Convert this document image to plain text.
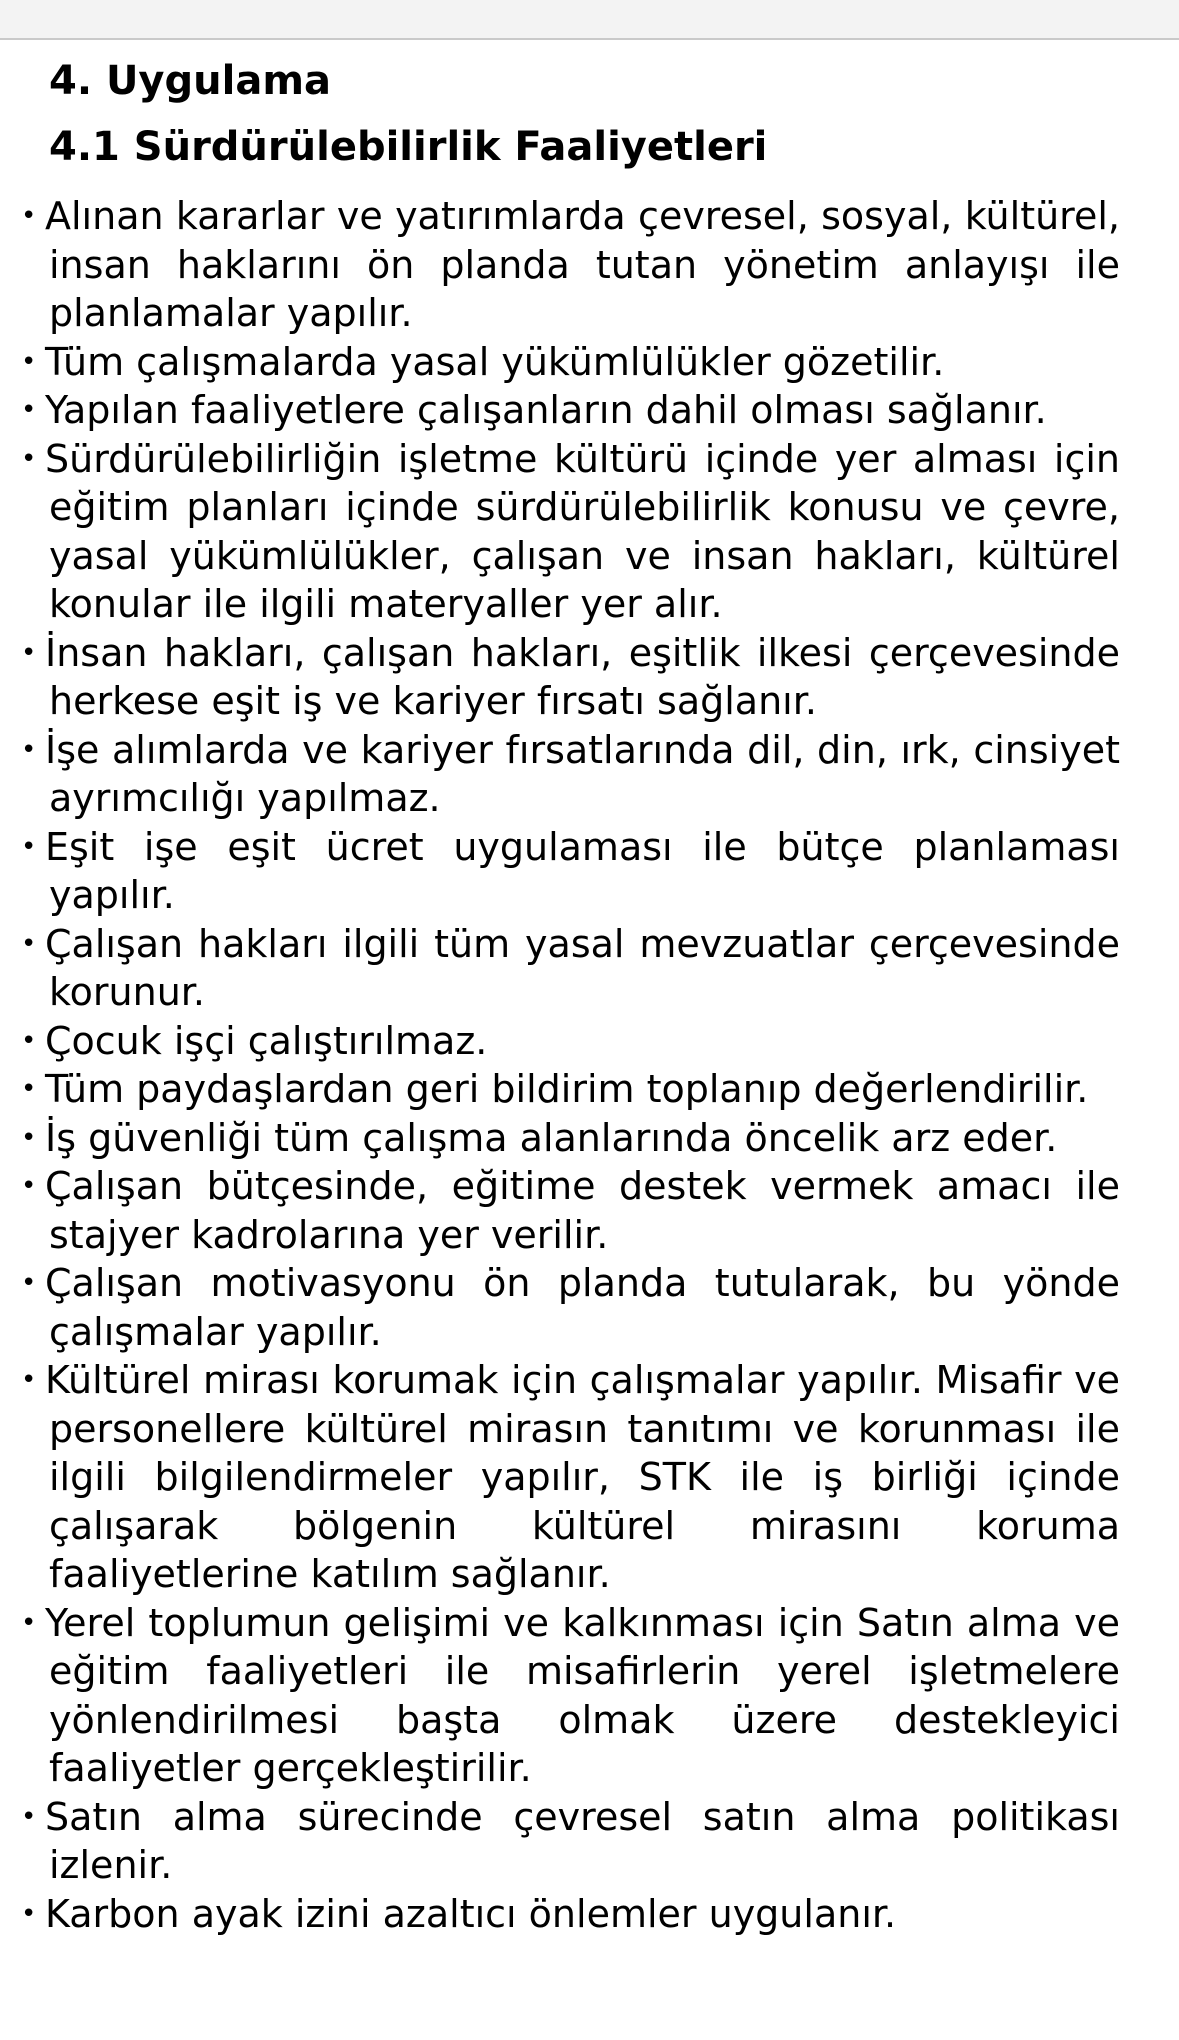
4. Uygulama
4.1 Sürdürülebilirlik Faaliyetleri
• Alınan kararlar ve yatırımlarda çevresel, sosyal, kültürel, insan haklarını ön planda tutan yönetim anlayışı ile planlamalar yapılır.
• Tüm çalışmalarda yasal yükümlülükler gözetilir.
• Yapılan faaliyetlere çalışanların dahil olması sağlanır.
• Sürdürülebilirliğin işletme kültürü içinde yer alması için eğitim planları içinde sürdürülebilirlik konusu ve çevre, yasal yükümlülükler, çalışan ve insan hakları, kültürel konular ile ilgili materyaller yer alır.
• İnsan hakları, çalışan hakları, eşitlik ilkesi çerçevesinde herkese eşit iş ve kariyer fırsatı sağlanır.
• İşe alımlarda ve kariyer fırsatlarında dil, din, ırk, cinsiyet ayrımcılığı yapılmaz.
• Eşit işe eşit ücret uygulaması ile bütçe planlaması yapılır.
• Çalışan hakları ilgili tüm yasal mevzuatlar çerçevesinde korunur.
• Çocuk işçi çalıştırılmaz.
• Tüm paydaşlardan geri bildirim toplanıp değerlendirilir.
• İş güvenliği tüm çalışma alanlarında öncelik arz eder.
• Çalışan bütçesinde, eğitime destek vermek amacı ile stajyer kadrolarına yer verilir.
• Çalışan motivasyonu ön planda tutularak, bu yönde çalışmalar yapılır.
• Kültürel mirası korumak için çalışmalar yapılır. Misafir ve personellere kültürel mirasın tanıtımı ve korunması ile ilgili bilgilendirmeler yapılır, STK ile iş birliği içinde çalışarak bölgenin kültürel mirasını koruma faaliyetlerine katılım sağlanır.
• Yerel toplumun gelişimi ve kalkınması için Satın alma ve eğitim faaliyetleri ile misafirlerin yerel işletmelere yönlendirilmesi başta olmak üzere destekleyici faaliyetler gerçekleştirilir.
• Satın alma sürecinde çevresel satın alma politikası izlenir.
• Karbon ayak izini azaltıcı önlemler uygulanır.
